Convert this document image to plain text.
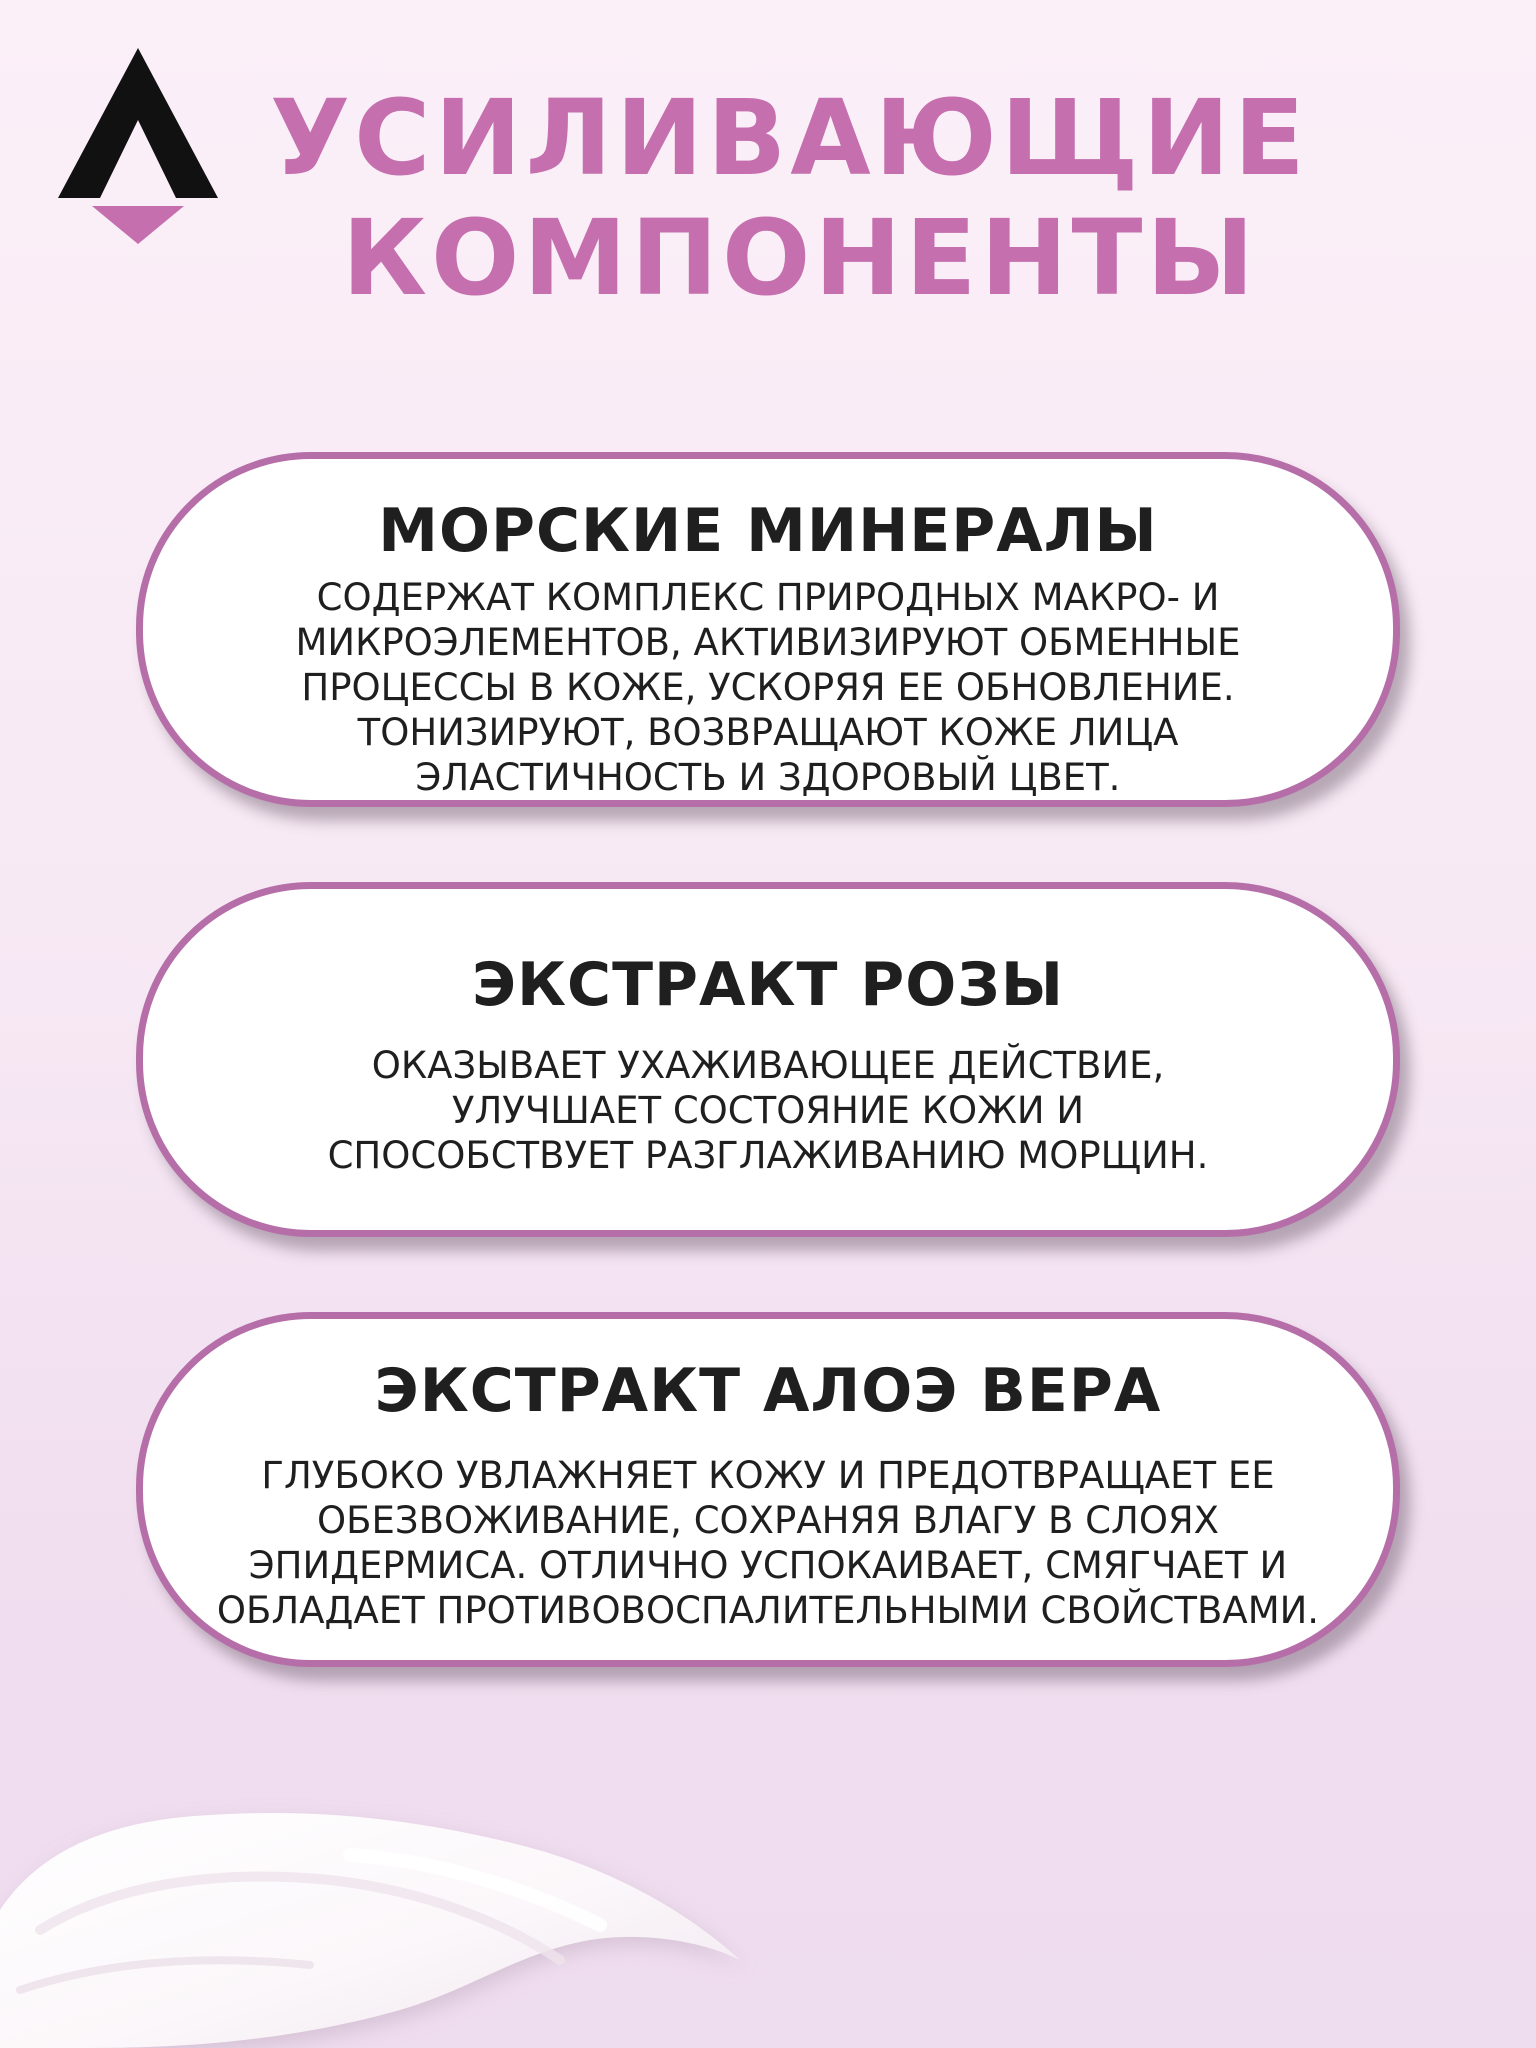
УСИЛИВАЮЩИЕ
КОМПОНЕНТЫ
МОРСКИЕ МИНЕРАЛЫ
СОДЕРЖАТ КОМПЛЕКС ПРИРОДНЫХ МАКРО- И
МИКРОЭЛЕМЕНТОВ, АКТИВИЗИРУЮТ ОБМЕННЫЕ
ПРОЦЕССЫ В КОЖЕ, УСКОРЯЯ ЕЕ ОБНОВЛЕНИЕ.
ТОНИЗИРУЮТ, ВОЗВРАЩАЮТ КОЖЕ ЛИЦА
ЭЛАСТИЧНОСТЬ И ЗДОРОВЫЙ ЦВЕТ.
ЭКСТРАКТ РОЗЫ
ОКАЗЫВАЕТ УХАЖИВАЮЩЕЕ ДЕЙСТВИЕ,
УЛУЧШАЕТ СОСТОЯНИЕ КОЖИ И
СПОСОБСТВУЕТ РАЗГЛАЖИВАНИЮ МОРЩИН.
ЭКСТРАКТ АЛОЭ ВЕРА
ГЛУБОКО УВЛАЖНЯЕТ КОЖУ И ПРЕДОТВРАЩАЕТ ЕЕ
ОБЕЗВОЖИВАНИЕ, СОХРАНЯЯ ВЛАГУ В СЛОЯХ
ЭПИДЕРМИСА. ОТЛИЧНО УСПОКАИВАЕТ, СМЯГЧАЕТ И
ОБЛАДАЕТ ПРОТИВОВОСПАЛИТЕЛЬНЫМИ СВОЙСТВАМИ.
